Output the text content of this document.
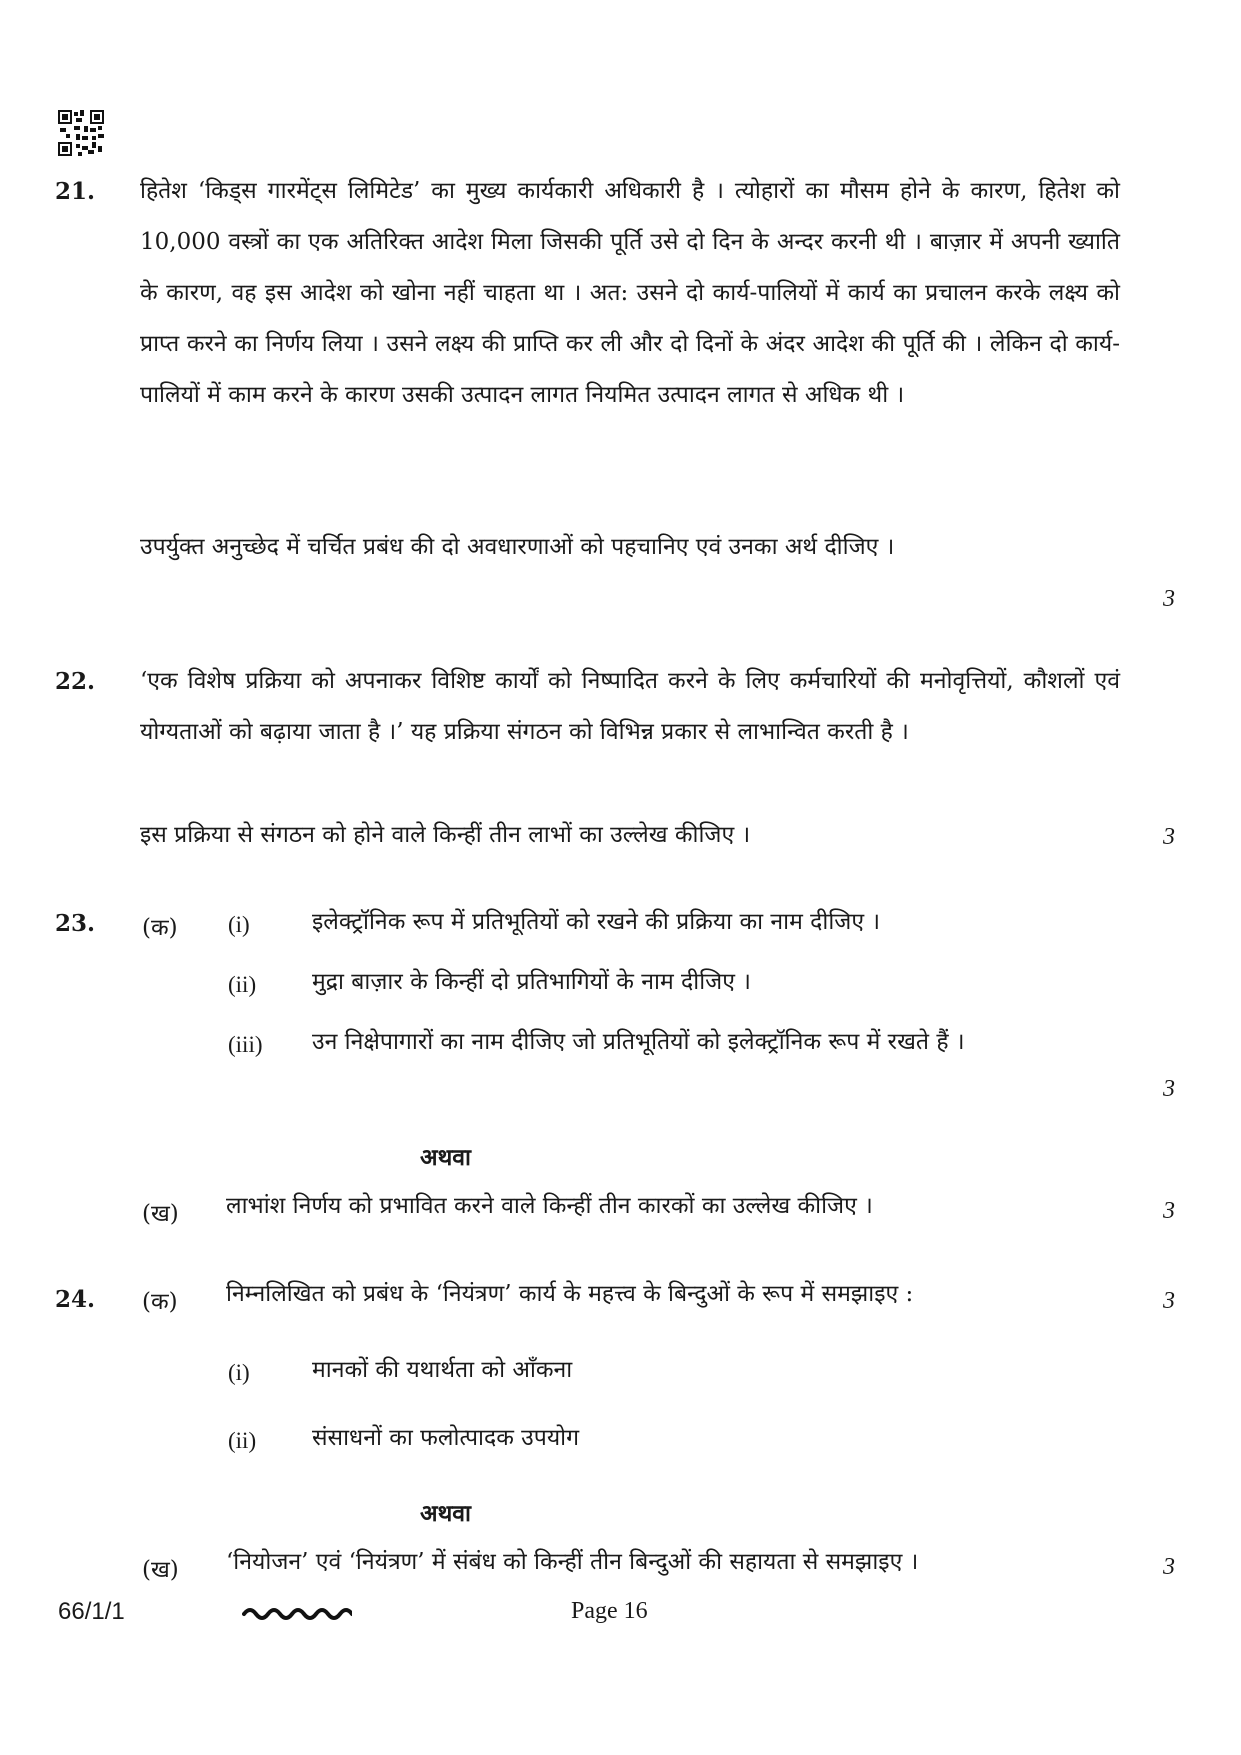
21. हितेश ‘किड्स गारमेंट्स लिमिटेड’ का मुख्य कार्यकारी अधिकारी है । त्योहारों का मौसम होने के कारण, हितेश को 10,000 वस्त्रों का एक अतिरिक्त आदेश मिला जिसकी पूर्ति उसे दो दिन के अन्दर करनी थी । बाज़ार में अपनी ख्याति के कारण, वह इस आदेश को खोना नहीं चाहता था । अत: उसने दो कार्य-पालियों में कार्य का प्रचालन करके लक्ष्य को प्राप्त करने का निर्णय लिया । उसने लक्ष्य की प्राप्ति कर ली और दो दिनों के अंदर आदेश की पूर्ति की । लेकिन दो कार्य-पालियों में काम करने के कारण उसकी उत्पादन लागत नियमित उत्पादन लागत से अधिक थी ।
उपर्युक्त अनुच्छेद में चर्चित प्रबंध की दो अवधारणाओं को पहचानिए एवं उनका अर्थ दीजिए ।
3
22. ‘एक विशेष प्रक्रिया को अपनाकर विशिष्ट कार्यों को निष्पादित करने के लिए कर्मचारियों की मनोवृत्तियों, कौशलों एवं योग्यताओं को बढ़ाया जाता है ।’ यह प्रक्रिया संगठन को विभिन्न प्रकार से लाभान्वित करती है ।
इस प्रक्रिया से संगठन को होने वाले किन्हीं तीन लाभों का उल्लेख कीजिए ।	3
23. (क) (i)	इलेक्ट्रॉनिक रूप में प्रतिभूतियों को रखने की प्रक्रिया का नाम दीजिए ।
(ii) मुद्रा बाज़ार के किन्हीं दो प्रतिभागियों के नाम दीजिए ।
(iii) उन निक्षेपागारों का नाम दीजिए जो प्रतिभूतियों को इलेक्ट्रॉनिक रूप में रखते हैं ।
3
अथवा
(ख) लाभांश निर्णय को प्रभावित करने वाले किन्हीं तीन कारकों का उल्लेख कीजिए ।	3
24. (क) निम्नलिखित को प्रबंध के ‘नियंत्रण’ कार्य के महत्त्व के बिन्दुओं के रूप में समझाइए :	3
(i)	मानकों की यथार्थता को आँकना
(ii) संसाधनों का फलोत्पादक उपयोग
अथवा
(ख) ‘नियोजन’ एवं ‘नियंत्रण’ में संबंध को किन्हीं तीन बिन्दुओं की सहायता से समझाइए ।	3
66/1/1	Page 16
